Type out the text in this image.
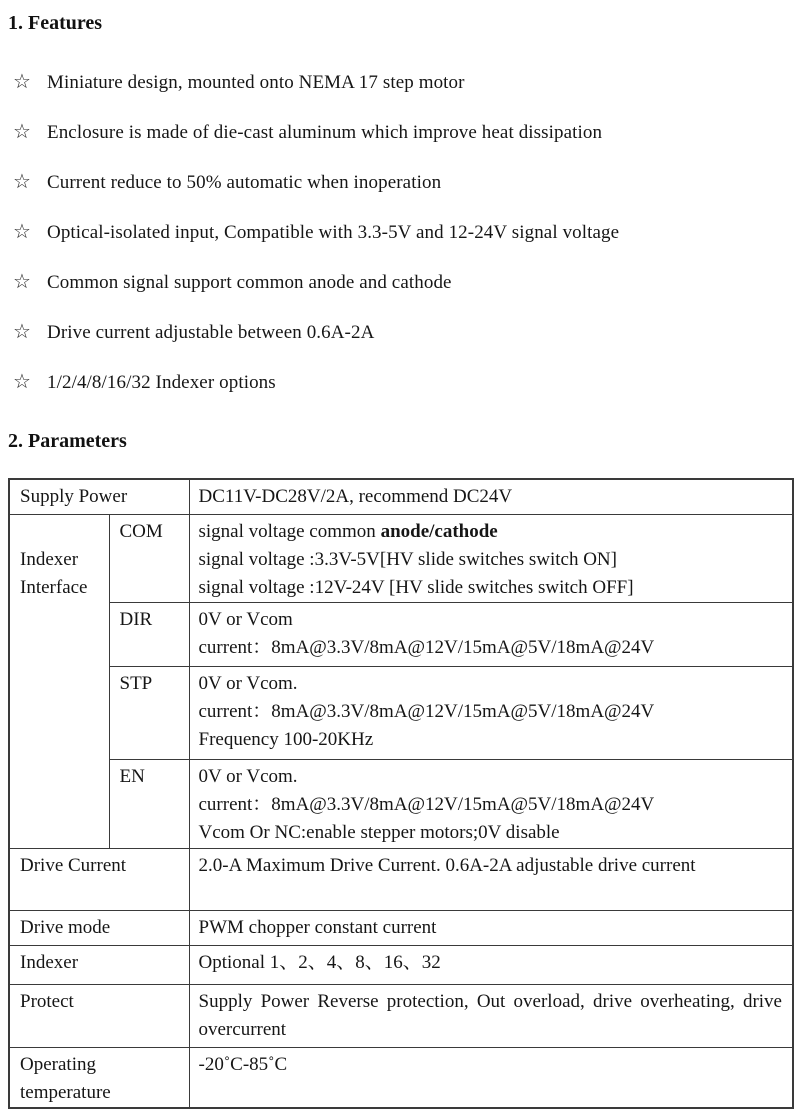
1. Features
☆ Miniature design, mounted onto NEMA 17 step motor
☆ Enclosure is made of die-cast aluminum which improve heat dissipation
☆ Current reduce to 50% automatic when inoperation
☆ Optical-isolated input, Compatible with 3.3-5V and 12-24V signal voltage
☆ Common signal support common anode and cathode
☆ Drive current adjustable between 0.6A-2A
☆ 1/2/4/8/16/32 Indexer options
2. Parameters
Supply Power		DC11V-DC28V/2A, recommend DC24V
Indexer Interface	COM	signal voltage common anode/cathode
signal voltage :3.3V-5V[HV slide switches switch ON]
signal voltage :12V-24V [HV slide switches switch OFF]

	DIR	0V or Vcom
current：8mA@3.3V/8mA@12V/15mA@5V/18mA@24V

	STP	0V or Vcom.
current：8mA@3.3V/8mA@12V/15mA@5V/18mA@24V
Frequency 100-20KHz

	EN	0V or Vcom.
current：8mA@3.3V/8mA@12V/15mA@5V/18mA@24V
Vcom Or NC:enable stepper motors;0V disable

Drive Current		2.0-A Maximum Drive Current. 0.6A-2A adjustable drive current
Drive mode		PWM chopper constant current
Indexer		Optional 1、2、4、8、16、32
Protect		Supply Power Reverse protection, Out overload, drive overheating, drive overcurrent
Operating temperature		-20˚C-85˚C
